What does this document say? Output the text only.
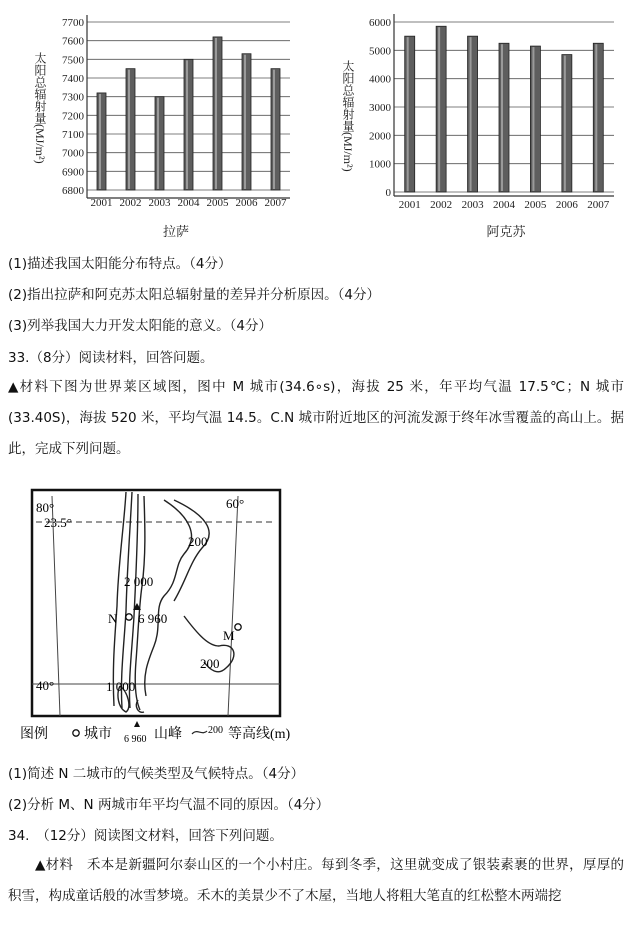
6800
6900
7000
7100
7200
7300
7400
7500
7600
7700
2001 2002 2003 2004 2005 2006 2007
太阳总辐射量(MJ/m²)
拉萨
0
1000
2000
3000
4000
5000
6000
2001 2002 2003 2004 2005 2006 2007
太阳总辐射量(MJ/m²)
阿克苏
(1)描述我国太阳能分布特点。（4分）
(2)指出拉萨和阿克苏太阳总辐射量的差异并分析原因。（4分）
(3)列举我国大力开发太阳能的意义。（4分）
33.（8分）阅读材料，回答问题。
▲材料下图为世界莱区域图，图中 M 城市(34.6∘s)，海拔 25 米，年平均气温 17.5℃；N 城市(33.40S)，海拔 520 米，平均气温 14.5。C.N 城市附近地区的河流发源于终年冰雪覆盖的高山上。据此，完成下列问题。
80°	60°
23.5°
40°
200
2 000
6 960
N
M
200
1 000
图例	城市 6 960 山峰	200 等高线(m)
(1)简述 N 二城市的气候类型及气候特点。（4分）
(2)分析 M、N 两城市年平均气温不同的原因。（4分）
34.　（12分）阅读图文材料，回答下列问题。
▲材料　禾本是新疆阿尔泰山区的一个小村庄。每到冬季，这里就变成了银装素裹的世界，厚厚的积雪，构成童话般的冰雪梦境。禾木的美景少不了木屋，当地人将粗大笔直的红松整木两端挖
